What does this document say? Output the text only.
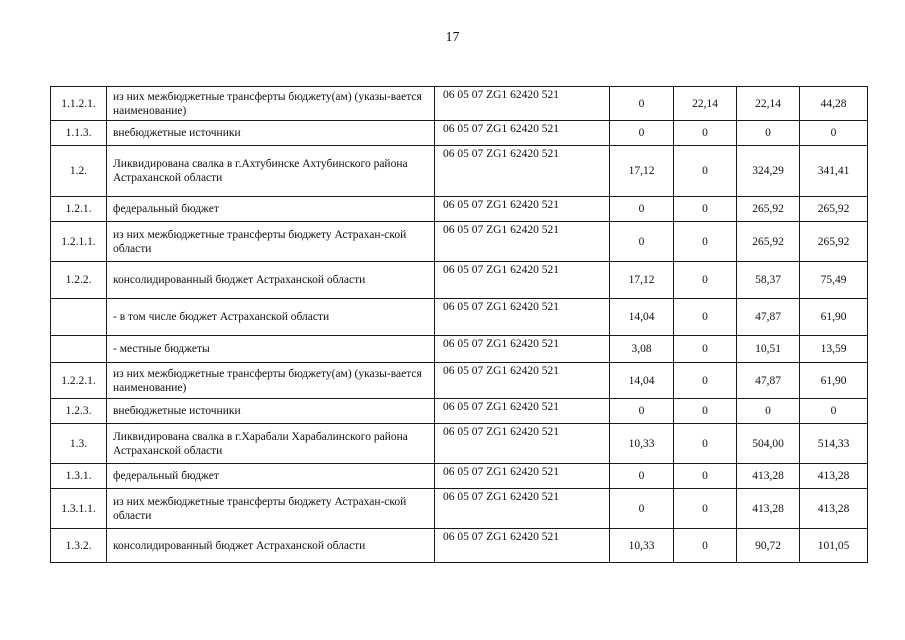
17
1.1.2.1.	из них межбюджетные трансферты бюджету(ам) (указы-вается наименование)	06 05 07 ZG1 62420 521	0	22,14	22,14	44,28
1.1.3.	внебюджетные источники	06 05 07 ZG1 62420 521	0	0	0	0
1.2.	Ликвидирована свалка в г.Ахтубинске Ахтубинского района Астраханской области	06 05 07 ZG1 62420 521	17,12	0	324,29	341,41
1.2.1.	федеральный бюджет	06 05 07 ZG1 62420 521	0	0	265,92	265,92
1.2.1.1.	из них межбюджетные трансферты бюджету Астрахан-ской области	06 05 07 ZG1 62420 521	0	0	265,92	265,92
1.2.2.	консолидированный бюджет Астраханской области	06 05 07 ZG1 62420 521	17,12	0	58,37	75,49
	- в том числе бюджет Астраханской области	06 05 07 ZG1 62420 521	14,04	0	47,87	61,90
	- местные бюджеты	06 05 07 ZG1 62420 521	3,08	0	10,51	13,59
1.2.2.1.	из них межбюджетные трансферты бюджету(ам) (указы-вается наименование)	06 05 07 ZG1 62420 521	14,04	0	47,87	61,90
1.2.3.	внебюджетные источники	06 05 07 ZG1 62420 521	0	0	0	0
1.3.	Ликвидирована свалка в г.Харабали Харабалинского района Астраханской области	06 05 07 ZG1 62420 521	10,33	0	504,00	514,33
1.3.1.	федеральный бюджет	06 05 07 ZG1 62420 521	0	0	413,28	413,28
1.3.1.1.	из них межбюджетные трансферты бюджету Астрахан-ской области	06 05 07 ZG1 62420 521	0	0	413,28	413,28
1.3.2.	консолидированный бюджет Астраханской области	06 05 07 ZG1 62420 521	10,33	0	90,72	101,05
